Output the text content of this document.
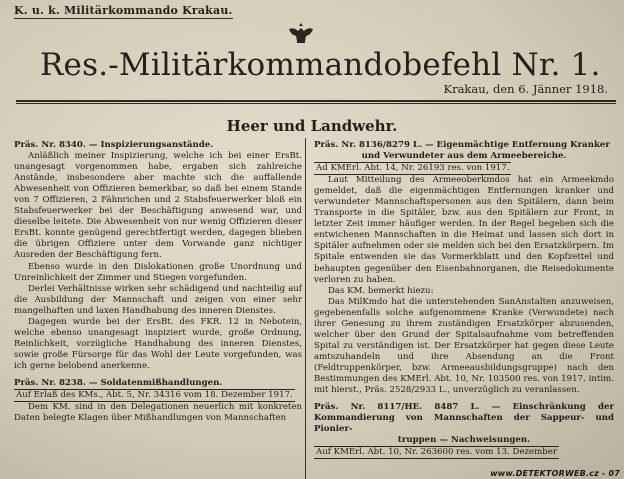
K. u. k. Militärkommando Krakau.
Res.-Militärkommandobefehl Nr. 1.
Krakau, den 6. Jänner 1918.
Heer und Landwehr.
Präs. Nr. 8340. — Inspizierungsanstände.

Anläßlich meiner Inspizierung, welche ich bei einer ErsBt. unangesagt vorgenommen habe, ergaben sich zahlreiche Anstände, insbesondere aber machte sich die auffallende Abwesenheit von Offizieren bemerkbar, so daß bei einem Stande von 7 Offizieren, 2 Fähnrichen und 2 Stabsfeuerwerker bloß ein Stabsfeuerwerker bei der Beschäftigung anwesend war, und dieselbe leitete. Die Abwesenheit von nur wenig Offizieren dieser ErsBt. konnte genügend gerechtfertigt werden, dagegen blieben die übrigen Offiziere unter dem Vorwande ganz nichtiger Ausreden der Beschäftigung fern.

Ebenso wurde in den Dislokationen große Unordnung und Unreinlichkeit der Zimmer und Stiegen vorgefunden.

Derlei Verhältnisse wirken sehr schädigend und nachteilig auf die Ausbildung der Mannschaft und zeigen von einer sehr mangelhaften und laxen Handhabung des inneren Dienstes.

Dagegen wurde bei der ErsBt. des FKR. 12 in Nebotein, welche ebenso unangesagt inspiziert wurde, große Ordnung, Reinlichkeit, vorzügliche Handhabung des inneren Dienstes, sowie große Fürsorge für das Wohl der Leute vorgefunden, was ich gerne belobend anerkenne.

Präs. Nr. 8238. — Soldatenmißhandlungen.

Auf Erlaß des KMs., Abt. 5, Nr. 34316 vom 18. Dezember 1917.

Dem KM. sind in den Delegationen neuerlich mit konkreten Daten belegte Klagen über Mißhandlungen von Mannschaften

Präs. Nr. 8136/8279 L. — Eigenmächtige Entfernung Kranker
und Verwundeter aus dem Armeebereiche.

Ad KMErl. Abt. 14, Nr. 26193 res. von 1917.

Laut Mitteilung des Armeeoberkmdos hat ein Armeekmdo gemeldet, daß die eigenmächtigen Entfernungen kranker und verwundeter Mannschaftspersonen aus den Spitälern, dann beim Transporte in die Spitäler, bzw. aus den Spitälern zur Front, in letzter Zeit immer häufiger werden. In der Regel begeben sich die entwichenen Mannschaften in die Heimat und lassen sich dort in Spitäler aufnehmen oder sie melden sich bei den Ersatzkörpern. Im Spitale entwenden sie das Vormerkblatt und den Kopfzettel und behaupten gegenüber den Eisenbahnorganen, die Reisedokumente verloren zu haben.

Das KM. bemerkt hiezu:

Das MilKmdo hat die unterstehenden SanAnstalten anzuweisen, gegebenenfalls solche aufgenommene Kranke (Verwundete) nach ihrer Genesung zu ihrem zuständigen Ersatzkörper abzusenden, welcher über den Grund der Spitalsaufnahme vom betreffenden Spital zu verständigen ist. Der Ersatzkörper hat gegen diese Leute amtszuhandeln und ihre Absendung an die Front (Feldtruppenkörper, bzw. Armeeausbildungsgruppe) nach den Bestimmungen des KMErl. Abt. 10, Nr. 103500 res. von 1917, intim. mit hierst., Präs. 2528/2933 L., unverzüglich zu veranlassen.

Präs. Nr. 8117/HE. 8487 L. — Einschränkung der Kommandierung von Mannschaften der Sappeur- und Pionier-
truppen — Nachweisungen.

Auf KMErl. Abt. 10, Nr. 263600 res. vom 13. Dezember

www.DETEKTORWEB.cz - 07
